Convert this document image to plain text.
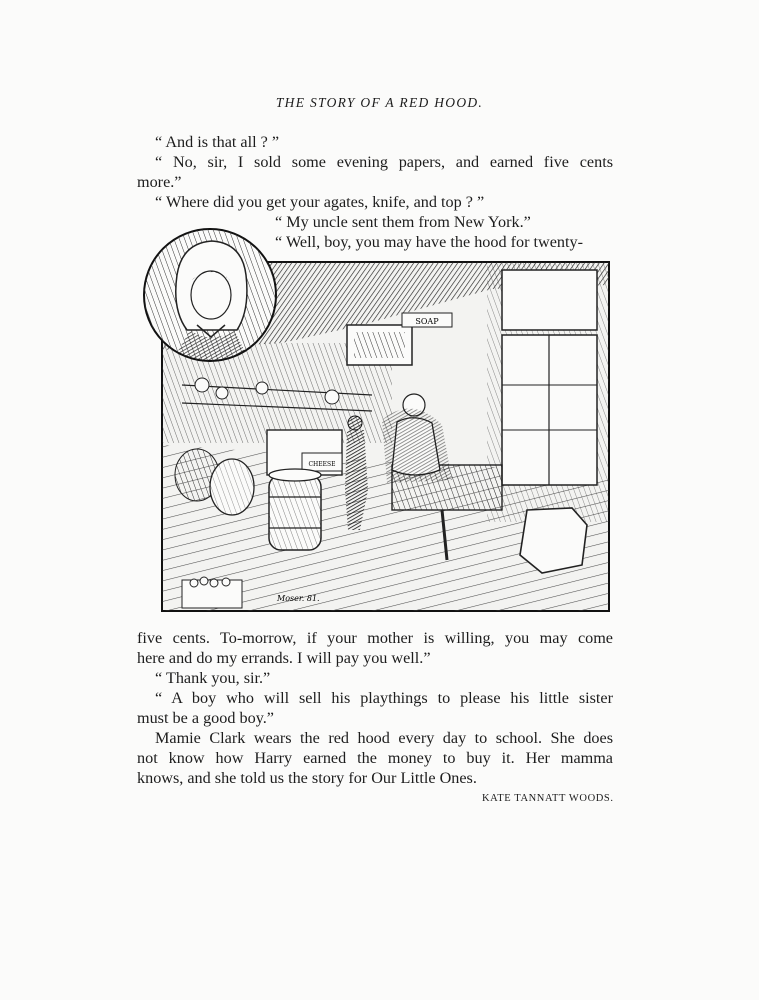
THE STORY OF A RED HOOD.
“ And is that all ? ”
“ No, sir, I sold some evening papers, and earned five cents
more.”
“ Where did you get your agates, knife, and top ? ”
“ My uncle sent them from New York.”
“ Well, boy, you may have the hood for twenty-
SOAP
CHEESE
Moser. 81.
five cents. To-morrow, if your mother is willing, you may come
here and do my errands. I will pay you well.”
“ Thank you, sir.”
“ A boy who will sell his playthings to please his little sister
must be a good boy.”
Mamie Clark wears the red hood every day to school. She does
not know how Harry earned the money to buy it. Her mamma
knows, and she told us the story for Our Little Ones.
KATE TANNATT WOODS.
